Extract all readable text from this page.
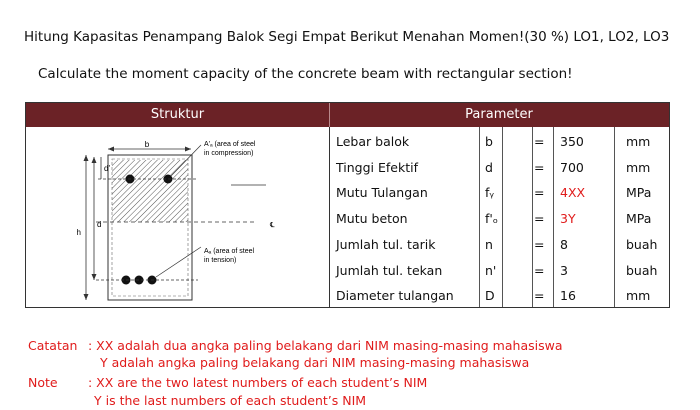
Hitung Kapasitas Penampang Balok Segi Empat Berikut Menahan Momen!(30 %) LO1, LO2, LO3
Calculate the moment capacity of the concrete beam with rectangular section!
Struktur	Parameter
b
℄
d'
d
h
A'ₐ (area of steel
in compression)
Aₐ (area of steel
in tension)
Lebar balok	b	= 350	mm
Tinggi Efektif	d	= 700	mm
Mutu Tulangan	fᵧ	= 4XX	MPa
Mutu beton	f'ₒ	= 3Y	MPa
Jumlah tul. tarik	n	= 8	buah
Jumlah tul. tekan	n'	= 3	buah
Diameter tulangan	D	= 16	mm
Catatan : XX adalah dua angka paling belakang dari NIM masing-masing mahasiswa
Y adalah angka paling belakang dari NIM masing-masing mahasiswa
Note : XX are the two latest numbers of each student’s NIM
Y is the last numbers of each student’s NIM
